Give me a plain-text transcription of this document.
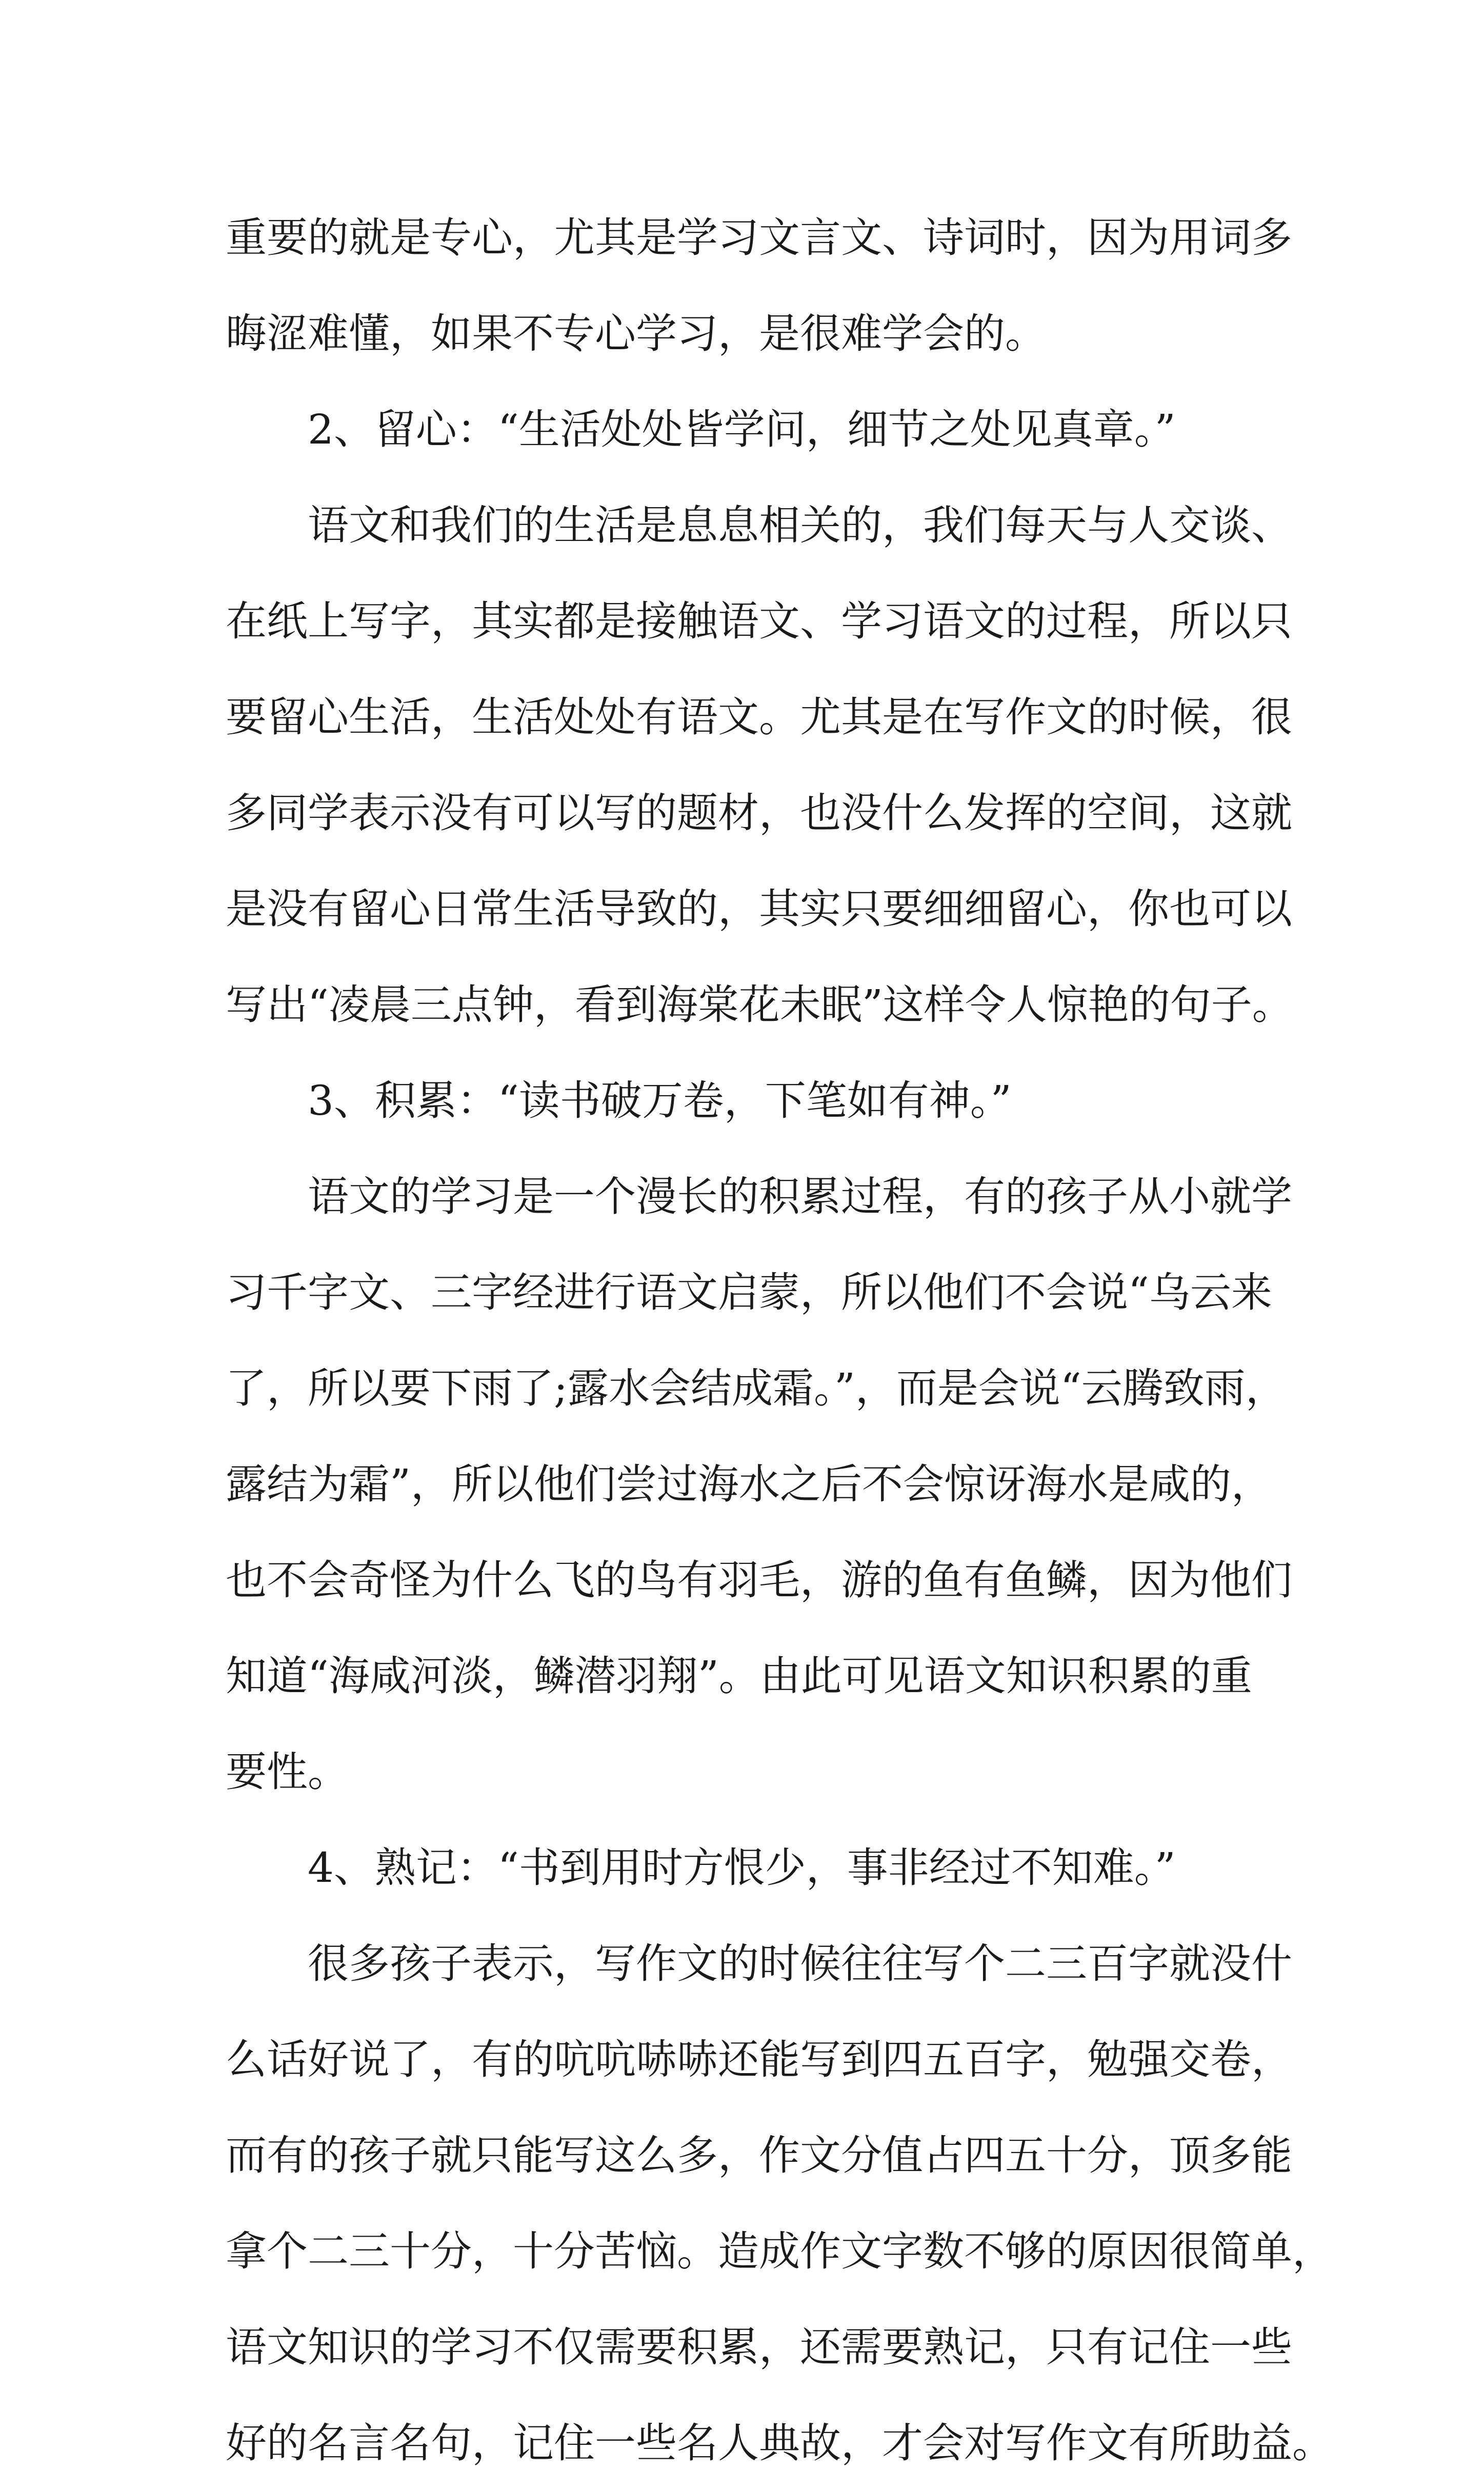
重要的就是专心，尤其是学习文言文、诗词时，因为用词多
晦涩难懂，如果不专心学习，是很难学会的。
2、留心：“生活处处皆学问，细节之处见真章。”
语文和我们的生活是息息相关的，我们每天与人交谈、
在纸上写字，其实都是接触语文、学习语文的过程，所以只
要留心生活，生活处处有语文。尤其是在写作文的时候，很
多同学表示没有可以写的题材，也没什么发挥的空间，这就
是没有留心日常生活导致的，其实只要细细留心，你也可以
写出“凌晨三点钟，看到海棠花未眠”这样令人惊艳的句子。
3、积累：“读书破万卷，下笔如有神。”
语文的学习是一个漫长的积累过程，有的孩子从小就学
习千字文、三字经进行语文启蒙，所以他们不会说“乌云来
了，所以要下雨了;露水会结成霜。”，而是会说“云腾致雨，
露结为霜”，所以他们尝过海水之后不会惊讶海水是咸的，
也不会奇怪为什么飞的鸟有羽毛，游的鱼有鱼鳞，因为他们
知道“海咸河淡，鳞潜羽翔”。由此可见语文知识积累的重
要性。
4、熟记：“书到用时方恨少，事非经过不知难。”
很多孩子表示，写作文的时候往往写个二三百字就没什
么话好说了，有的吭吭哧哧还能写到四五百字，勉强交卷，
而有的孩子就只能写这么多，作文分值占四五十分，顶多能
拿个二三十分，十分苦恼。造成作文字数不够的原因很简单，
语文知识的学习不仅需要积累，还需要熟记，只有记住一些
好的名言名句，记住一些名人典故，才会对写作文有所助益。
